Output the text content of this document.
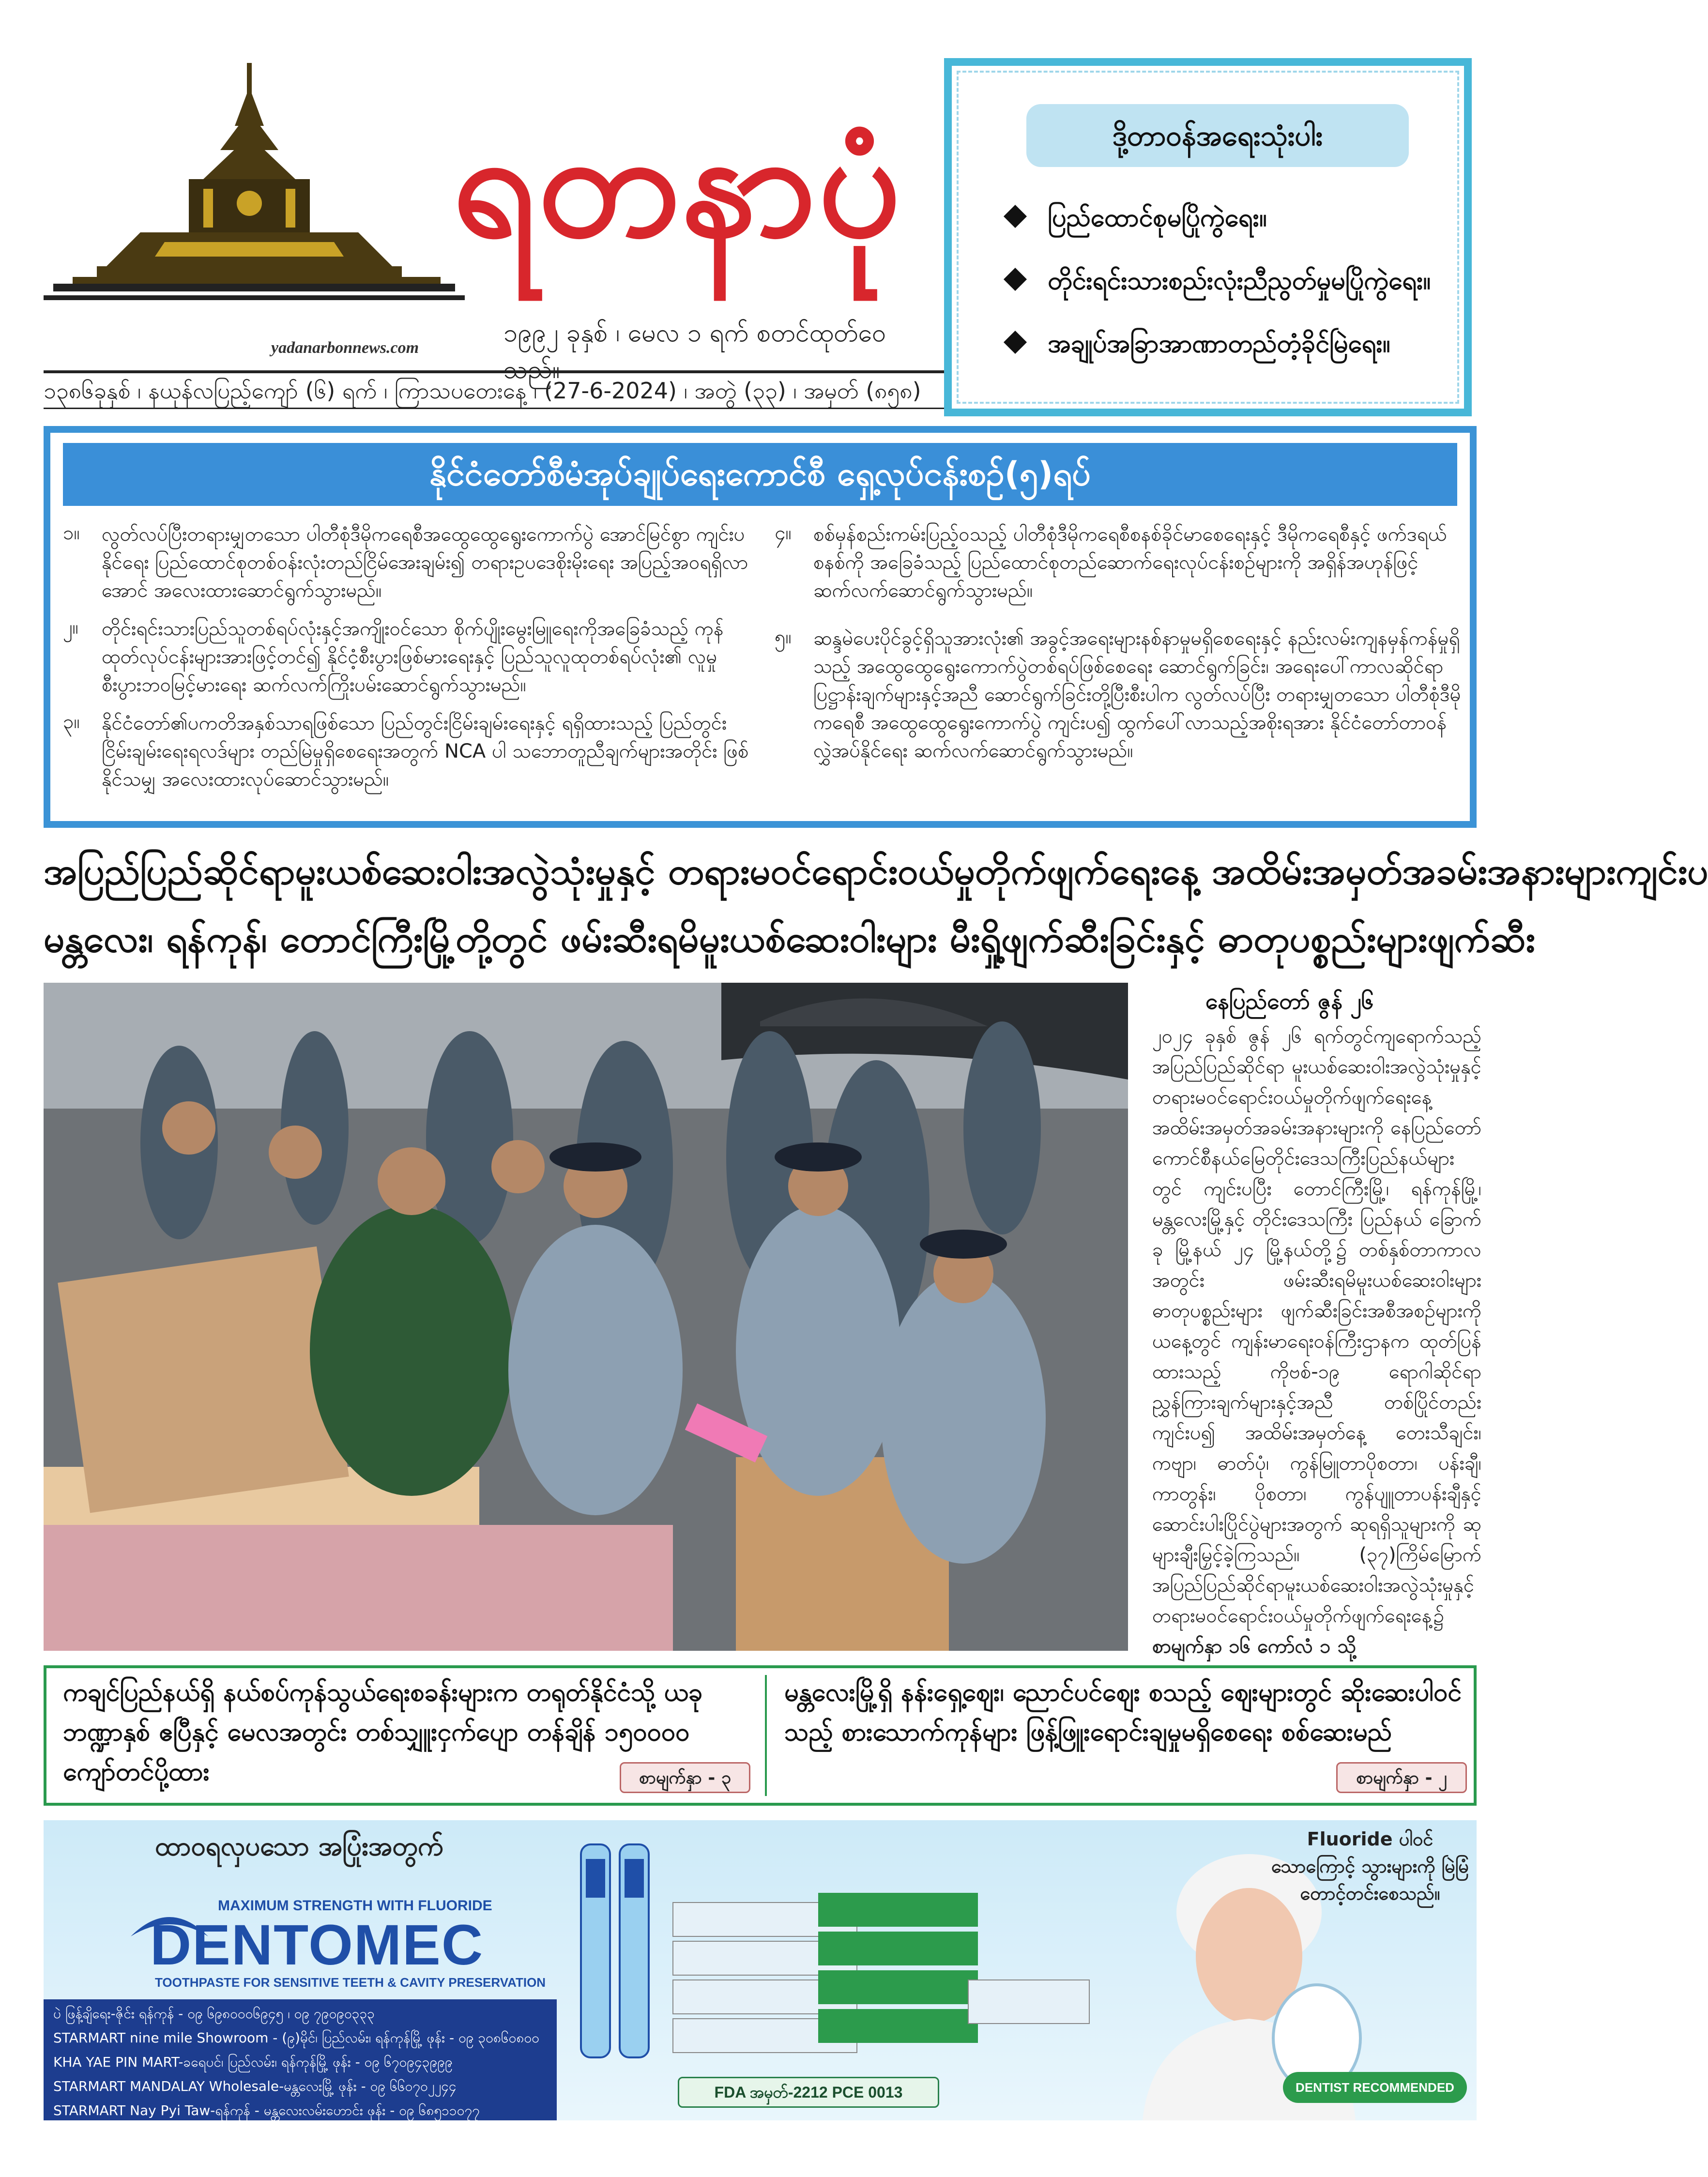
ရတနာပုံ
yadanarbonnews.com
၁၉၉၂ ခုနှစ် ၊ မေလ ၁ ရက် စတင်ထုတ်ဝေသည်။
၁၃၈၆ခုနှစ် ၊ နယုန်လပြည့်ကျော် (၆) ရက် ၊ ကြာသပတေးနေ့ ၊ (27-6-2024) ၊ အတွဲ (၃၃) ၊ အမှတ် (၈၅၈)
ဒို့တာဝန်အရေးသုံးပါး
ပြည်ထောင်စုမပြိုကွဲရေး။
တိုင်းရင်းသားစည်းလုံးညီညွတ်မှုမပြိုကွဲရေး။
အချုပ်အခြာအာဏာတည်တံ့ခိုင်မြဲရေး။
နိုင်ငံတော်စီမံအုပ်ချုပ်ရေးကောင်စီ ရှေ့လုပ်ငန်းစဉ်(၅)ရပ်
၁။	လွတ်လပ်ပြီးတရားမျှတသော ပါတီစုံဒီမိုကရေစီအထွေထွေရွေးကောက်ပွဲ အောင်မြင်စွာ ကျင်းပနိုင်ရေး ပြည်ထောင်စုတစ်ဝန်းလုံးတည်ငြိမ်အေးချမ်း၍ တရားဥပဒေစိုးမိုးရေး အပြည့်အဝရရှိလာအောင် အလေးထားဆောင်ရွက်သွားမည်။
၂။	တိုင်းရင်းသားပြည်သူတစ်ရပ်လုံးနှင့်အကျိုးဝင်သော စိုက်ပျိုးမွေးမြူရေးကိုအခြေခံသည့် ကုန်ထုတ်လုပ်ငန်းများအားဖြင့်တင်၍ နိုင်ငံ့စီးပွားဖြစ်မားရေးနှင့် ပြည်သူလူထုတစ်ရပ်လုံး၏ လူမှုစီးပွားဘဝမြင့်မားရေး ဆက်လက်ကြိုးပမ်းဆောင်ရွက်သွားမည်။
၃။	နိုင်ငံတော်၏ပကတိအနှစ်သာရဖြစ်သော ပြည်တွင်းငြိမ်းချမ်းရေးနှင့် ရရှိထားသည့် ပြည်တွင်းငြိမ်းချမ်းရေးရလဒ်များ တည်မြဲမှုရှိစေရေးအတွက် NCA ပါ သဘောတူညီချက်များအတိုင်း ဖြစ်နိုင်သမျှ အလေးထားလုပ်ဆောင်သွားမည်။
၄။	စစ်မှန်စည်းကမ်းပြည့်ဝသည့် ပါတီစုံဒီမိုကရေစီစနစ်ခိုင်မာစေရေးနှင့် ဒီမိုကရေစီနှင့် ဖက်ဒရယ်စနစ်ကို အခြေခံသည့် ပြည်ထောင်စုတည်ဆောက်ရေးလုပ်ငန်းစဉ်များကို အရှိန်အဟုန်ဖြင့် ဆက်လက်ဆောင်ရွက်သွားမည်။
၅။	ဆန္ဒမဲပေးပိုင်ခွင့်ရှိသူအားလုံး၏ အခွင့်အရေးများနစ်နာမှုမရှိစေရေးနှင့် နည်းလမ်းကျနမှန်ကန်မှုရှိသည့် အထွေထွေရွေးကောက်ပွဲတစ်ရပ်ဖြစ်စေရေး ဆောင်ရွက်ခြင်း၊ အရေးပေါ်ကာလဆိုင်ရာ ပြဋ္ဌာန်းချက်များနှင့်အညီ ဆောင်ရွက်ခြင်းတို့ပြီးစီးပါက လွတ်လပ်ပြီး တရားမျှတသော ပါတီစုံဒီမိုကရေစီ အထွေထွေရွေးကောက်ပွဲ ကျင်းပ၍ ထွက်ပေါ်လာသည့်အစိုးရအား နိုင်ငံတော်တာဝန်လွှဲအပ်နိုင်ရေး ဆက်လက်ဆောင်ရွက်သွားမည်။
အပြည်ပြည်ဆိုင်ရာမူးယစ်ဆေးဝါးအလွဲသုံးမှုနှင့် တရားမဝင်ရောင်းဝယ်မှုတိုက်ဖျက်ရေးနေ့ အထိမ်းအမှတ်အခမ်းအနားများကျင်းပ
မန္တလေး၊ ရန်ကုန်၊ တောင်ကြီးမြို့တို့တွင် ဖမ်းဆီးရမိမူးယစ်ဆေးဝါးများ မီးရှို့ဖျက်ဆီးခြင်းနှင့် ဓာတုပစ္စည်းများဖျက်ဆီး
နေပြည်တော် ဇွန် ၂၆
၂၀၂၄ ခုနှစ် ဇွန် ၂၆ ရက်တွင်ကျရောက်သည့် အပြည်ပြည်ဆိုင်ရာ မူးယစ်ဆေးဝါးအလွဲသုံးမှုနှင့် တရားမဝင်ရောင်းဝယ်မှုတိုက်ဖျက်ရေးနေ့အထိမ်းအမှတ်အခမ်းအနားများကို နေပြည်တော်ကောင်စီနယ်မြေတိုင်းဒေသကြီးပြည်နယ်များတွင် ကျင်းပပြီး တောင်ကြီးမြို့၊ ရန်ကုန်မြို့၊ မန္တလေးမြို့နှင့် တိုင်းဒေသကြီး ပြည်နယ် ခြောက်ခု မြို့နယ် ၂၄ မြို့နယ်တို့၌ တစ်နှစ်တာကာလအတွင်း ဖမ်းဆီးရမိမူးယစ်ဆေးဝါးများ ဓာတုပစ္စည်းများ ဖျက်ဆီးခြင်းအစီအစဉ်များကို ယနေ့တွင် ကျန်းမာရေးဝန်ကြီးဌာနက ထုတ်ပြန်ထားသည့် ကိုဗစ်-၁၉ ရောဂါဆိုင်ရာညွှန်ကြားချက်များနှင့်အညီ တစ်ပြိုင်တည်းကျင်းပ၍ အထိမ်းအမှတ်နေ့ တေးသီချင်း၊ ကဗျာ၊ ဓာတ်ပုံ၊ ကွန်မြူတာပိုစတာ၊ ပန်းချီ၊ ကာတွန်း၊ ပိုစတာ၊ ကွန်ပျူတာပန်းချီနှင့် ဆောင်းပါးပြိုင်ပွဲများအတွက် ဆုရရှိသူများကို ဆုများချီးမြှင့်ခဲ့ကြသည်။ (၃၇)ကြိမ်မြောက် အပြည်ပြည်ဆိုင်ရာမူးယစ်ဆေးဝါးအလွဲသုံးမှုနှင့် တရားမဝင်ရောင်းဝယ်မှုတိုက်ဖျက်ရေးနေ့၌ စာမျက်နှာ ၁၆ ကော်လံ ၁ သို့
ကချင်ပြည်နယ်ရှိ နယ်စပ်ကုန်သွယ်ရေးစခန်းများက တရုတ်နိုင်ငံသို့ ယခုဘဏ္ဍာနှစ် ဧပြီနှင့် မေလအတွင်း တစ်သျှူးငှက်ပျော တန်ချိန် ၁၅၀၀၀၀ ကျော်တင်ပို့ထား	စာမျက်နှာ - ၃
မန္တလေးမြို့ရှိ နန်းရှေ့ဈေး၊ ညောင်ပင်ဈေး စသည့် ဈေးများတွင် ဆိုးဆေးပါဝင်သည့် စားသောက်ကုန်များ ဖြန့်ဖြူးရောင်းချမှုမရှိစေရေး စစ်ဆေးမည်
စာမျက်နှာ - ၂
ထာဝရလှပသော အပြုံးအတွက်
MAXIMUM STRENGTH WITH FLUORIDE
DENTOMEC
TOOTHPASTE FOR SENSITIVE TEETH & CAVITY PRESERVATION
ပဲ ဖြန့်ချိရေး-ဇိုင်း ရန်ကုန် - ဝ၉ ၆၉၈၀၀၀၆၉၄၅ ၊ ဝ၉ ၇၉၀၉၀၃၃၃
STARMART nine mile Showroom - (၉)မိုင်၊ ပြည်လမ်း၊ ရန်ကုန်မြို့ ဖုန်း - ဝ၉ ၃၀၈၆၀၈၀၀
KHA YAE PIN MART-ခရေပင်၊ ပြည်လမ်း၊ ရန်ကုန်မြို့ ဖုန်း - ဝ၉ ၆၇၀၉၄၃၉၉၉
STARMART MANDALAY Wholesale-မန္တလေးမြို့ ဖုန်း - ဝ၉ ၆၆၀၇၀၂၂၄၄
STARMART Nay Pyi Taw-ရန်ကုန် - မန္တလေးလမ်းဟောင်း ဖုန်း - ဝ၉ ၆၈၅၁၁၀၇၇
FDA အမှတ်-2212 PCE 0013
Fluoride ပါဝင်သောကြောင့် သွားများကို မြဲမြံတောင့်တင်းစေသည်။
DENTIST RECOMMENDED
